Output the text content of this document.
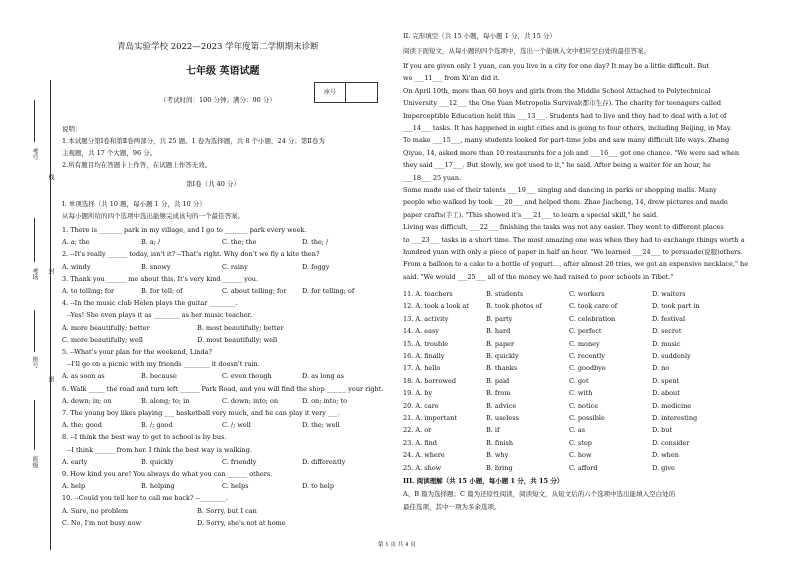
考号
线
考场 封
座号
密
班级
青岛实验学校 2022—2023 学年度第二学期期末诊断
七年级 英语试题
（考试时间：100 分钟；满分：90 分）
座号
说明：
1.本试题分第Ⅰ卷和第Ⅱ卷两部分，共 25 题。1 卷为选择题，共 8 个小题，24 分；第Ⅱ卷为
主观题，共 17 个大题，96 分。
2.所有题目均在答题卡上作答，在试题上作答无效。
第Ⅰ卷（共 40 分）
I. 单项选择（共 10 题，每小题 1 分，共 10 分）
从每小题所给的四个选项中选出能够完成该句的一个最佳答案。
1. There is _______ park in my village, and I go to _______ park every week.
A. a; the	B. a; /	C. the; the	D. the; /
2. --It's really ______ today, isn't it? --That's right. Why don't we fly a kite then?
A. windy	B. snowy	C. rainy	D. foggy
3. Thank you ______ me about this. It's very kind ______ you.
A. to telling; for	B. for tell; of	C. about telling; for D. for telling; of
4. --In the music club Helen plays the guitar ________.
--Yes! She even plays it as ________ as her music teacher.
A. more beautifully; better	B. most beautifully; better
C. more beautifully; well	D. most beautifully; well
5. --What's your plan for the weekend, Linda?
--I'll go on a picnic with my friends ________ it doesn't rain.
A. as soon as	B. because	C. even though	D. as long as
6. Walk _____ the road and turn left ______ Park Road, and you will find the shop ______ your right.
A. down; in; on	B. along; to; in	C. down; into; on	D. on; into; to
7. The young boy likes playing ___ basketball very much, and he can play it very ___.
A. the; good	B. /; good	C. /; well	D. the; well
8. --I think the best way to get to school is by bus.
--I think ______ from her. I think the best way is walking.
A. early	B. quickly	C. friendly	D. differently
9. How kind you are! You always do what you can ______ others.
A. help	B. helping	C. helps	D. to help
10. --Could you tell her to call me back? --________.
A. Sure, no problem	B. Sorry, but I can
C. No, I'm not busy now	D. Sorry, she's not at home
II. 完形填空（共 15 小题，每小题 1 分，共 15 分）
阅读下面短文，从每小题的四个选项中，选出一个能填入文中相应空白处的最佳答案。
If you are given only 1 yuan, can you live in a city for one day? It may be a little difficult. But
we ___11___ from Xi'an did it.
On April 10th, more than 60 boys and girls from the Middle School Attached to Polytechnical
University ___12___ the One Yuan Metropolis Survival(都市生存). The charity for teenagers called
Imperceptible Education held this ___13___. Students had to live and they had to deal with a lot of
___14___ tasks. It has happened in eight cities and is going to four others, including Beijing, in May.
To make ___15___, many students looked for part-time jobs and saw many difficult life ways. Zhang
Qiyue, 14, asked more than 10 restaurants for a job and ___16___ got one chance. "We were sad when
they said ___17___. But slowly, we got used to it," he said. After being a waiter for an hour, he
___18___ 25 yuan.
Some made use of their talents ___19___ singing and dancing in parks or shopping malls. Many
people who walked by took ___20___ and helped them. Zhao Jiacheng, 14, drew pictures and made
paper crafts(手工). "This showed it's ___21___ to learn a special skill," he said.
Living was difficult, ___22___ finishing the tasks was not any easier. They went to different places
to ___23___ tasks in a short time. The most amazing one was when they had to exchange things worth a
hundred yuan with only a piece of paper in half an hour. "We learned ___24___ to persuade(说服)others.
From a balloon to a cake to a bottle of yogurt…, after almost 20 tries, we got an expensive necklace," he
said. "We would ___25___ all of the money we had raised to poor schools in Tibet."
11. A. teachers	B. students	C. workers	D. waiters
12. A. took a look at	B. took photos of	C. took care of	D. took part in
13. A. activity	B. party	C. celebration	D. festival
14. A. easy	B. hard	C. perfect	D. secret
15. A. trouble	B. paper	C. money	D. music
16. A. finally	B. quickly	C. recently	D. suddenly
17. A. hello	B. thanks	C. goodbye	D. no
18. A. borrowed	B. paid	C. got	D. spent
19. A. by	B. from	C. with	D. about
20. A. care	B. advice	C. notice	D. medicine
21. A. important	B. useless	C. possible	D. interesting
22. A. or	B. if	C. as	D. but
23. A. find	B. finish	C. stop	D. consider
24. A. where	B. why	C. how	D. when
25. A. show	B. bring	C. afford	D. give
III. 阅读理解（共 15 小题，每小题 1 分，共 15 分）
A、B 篇为选择题；C 篇为还原性阅读，阅读短文，从短文后的六个选项中选出能填入空白处的
最佳选项，其中一项为多余选项。
第 1 页 共 4 页
